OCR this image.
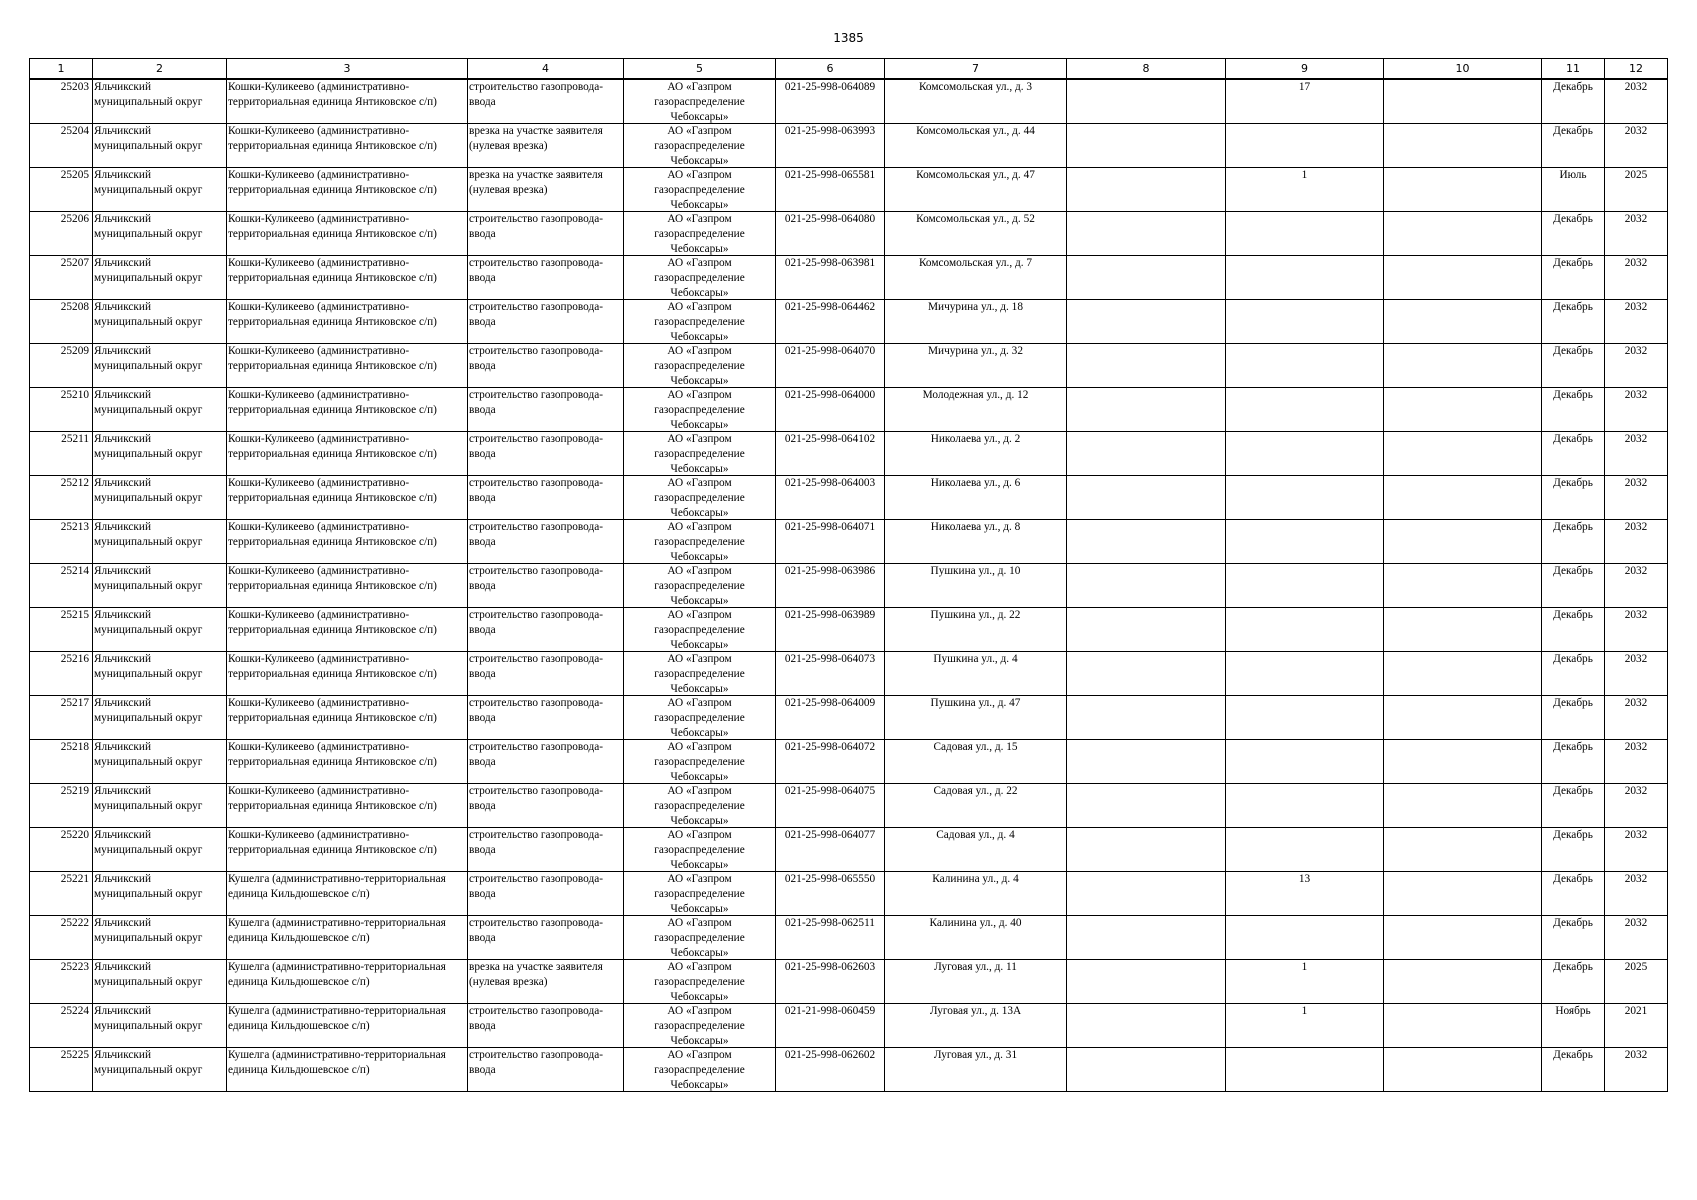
1385
1	2	3	4	5	6	7	8	9	10	11	12

25203	Яльчикский муниципальный округ	Кошки-Куликеево (административно-территориальная единица Янтиковское с/п)	строительство газопровода-ввода	АО «Газпром газораспределение Чебоксары»	021-25-998-064089	Комсомольская ул., д. 3		17		Декабрь	2032

25204	Яльчикский муниципальный округ	Кошки-Куликеево (административно-территориальная единица Янтиковское с/п)	врезка на участке заявителя (нулевая врезка)	АО «Газпром газораспределение Чебоксары»	021-25-998-063993	Комсомольская ул., д. 44				Декабрь	2032

25205	Яльчикский муниципальный округ	Кошки-Куликеево (административно-территориальная единица Янтиковское с/п)	врезка на участке заявителя (нулевая врезка)	АО «Газпром газораспределение Чебоксары»	021-25-998-065581	Комсомольская ул., д. 47		1		Июль	2025

25206	Яльчикский муниципальный округ	Кошки-Куликеево (административно-территориальная единица Янтиковское с/п)	строительство газопровода-ввода	АО «Газпром газораспределение Чебоксары»	021-25-998-064080	Комсомольская ул., д. 52				Декабрь	2032

25207	Яльчикский муниципальный округ	Кошки-Куликеево (административно-территориальная единица Янтиковское с/п)	строительство газопровода-ввода	АО «Газпром газораспределение Чебоксары»	021-25-998-063981	Комсомольская ул., д. 7				Декабрь	2032

25208	Яльчикский муниципальный округ	Кошки-Куликеево (административно-территориальная единица Янтиковское с/п)	строительство газопровода-ввода	АО «Газпром газораспределение Чебоксары»	021-25-998-064462	Мичурина ул., д. 18				Декабрь	2032

25209	Яльчикский муниципальный округ	Кошки-Куликеево (административно-территориальная единица Янтиковское с/п)	строительство газопровода-ввода	АО «Газпром газораспределение Чебоксары»	021-25-998-064070	Мичурина ул., д. 32				Декабрь	2032

25210	Яльчикский муниципальный округ	Кошки-Куликеево (административно-территориальная единица Янтиковское с/п)	строительство газопровода-ввода	АО «Газпром газораспределение Чебоксары»	021-25-998-064000	Молодежная ул., д. 12				Декабрь	2032

25211	Яльчикский муниципальный округ	Кошки-Куликеево (административно-территориальная единица Янтиковское с/п)	строительство газопровода-ввода	АО «Газпром газораспределение Чебоксары»	021-25-998-064102	Николаева ул., д. 2				Декабрь	2032

25212	Яльчикский муниципальный округ	Кошки-Куликеево (административно-территориальная единица Янтиковское с/п)	строительство газопровода-ввода	АО «Газпром газораспределение Чебоксары»	021-25-998-064003	Николаева ул., д. 6				Декабрь	2032

25213	Яльчикский муниципальный округ	Кошки-Куликеево (административно-территориальная единица Янтиковское с/п)	строительство газопровода-ввода	АО «Газпром газораспределение Чебоксары»	021-25-998-064071	Николаева ул., д. 8				Декабрь	2032

25214	Яльчикский муниципальный округ	Кошки-Куликеево (административно-территориальная единица Янтиковское с/п)	строительство газопровода-ввода	АО «Газпром газораспределение Чебоксары»	021-25-998-063986	Пушкина ул., д. 10				Декабрь	2032

25215	Яльчикский муниципальный округ	Кошки-Куликеево (административно-территориальная единица Янтиковское с/п)	строительство газопровода-ввода	АО «Газпром газораспределение Чебоксары»	021-25-998-063989	Пушкина ул., д. 22				Декабрь	2032

25216	Яльчикский муниципальный округ	Кошки-Куликеево (административно-территориальная единица Янтиковское с/п)	строительство газопровода-ввода	АО «Газпром газораспределение Чебоксары»	021-25-998-064073	Пушкина ул., д. 4				Декабрь	2032

25217	Яльчикский муниципальный округ	Кошки-Куликеево (административно-территориальная единица Янтиковское с/п)	строительство газопровода-ввода	АО «Газпром газораспределение Чебоксары»	021-25-998-064009	Пушкина ул., д. 47				Декабрь	2032

25218	Яльчикский муниципальный округ	Кошки-Куликеево (административно-территориальная единица Янтиковское с/п)	строительство газопровода-ввода	АО «Газпром газораспределение Чебоксары»	021-25-998-064072	Садовая ул., д. 15				Декабрь	2032

25219	Яльчикский муниципальный округ	Кошки-Куликеево (административно-территориальная единица Янтиковское с/п)	строительство газопровода-ввода	АО «Газпром газораспределение Чебоксары»	021-25-998-064075	Садовая ул., д. 22				Декабрь	2032

25220	Яльчикский муниципальный округ	Кошки-Куликеево (административно-территориальная единица Янтиковское с/п)	строительство газопровода-ввода	АО «Газпром газораспределение Чебоксары»	021-25-998-064077	Садовая ул., д. 4				Декабрь	2032

25221	Яльчикский муниципальный округ	Кушелга (административно-территориальная единица Кильдюшевское с/п)	строительство газопровода-ввода	АО «Газпром газораспределение Чебоксары»	021-25-998-065550	Калинина ул., д. 4		13		Декабрь	2032

25222	Яльчикский муниципальный округ	Кушелга (административно-территориальная единица Кильдюшевское с/п)	строительство газопровода-ввода	АО «Газпром газораспределение Чебоксары»	021-25-998-062511	Калинина ул., д. 40				Декабрь	2032

25223	Яльчикский муниципальный округ	Кушелга (административно-территориальная единица Кильдюшевское с/п)	врезка на участке заявителя (нулевая врезка)	АО «Газпром газораспределение Чебоксары»	021-25-998-062603	Луговая ул., д. 11		1		Декабрь	2025

25224	Яльчикский муниципальный округ	Кушелга (административно-территориальная единица Кильдюшевское с/п)	строительство газопровода-ввода	АО «Газпром газораспределение Чебоксары»	021-21-998-060459	Луговая ул., д. 13А		1		Ноябрь	2021

25225	Яльчикский муниципальный округ	Кушелга (административно-территориальная единица Кильдюшевское с/п)	строительство газопровода-ввода	АО «Газпром газораспределение Чебоксары»	021-25-998-062602	Луговая ул., д. 31				Декабрь	2032
